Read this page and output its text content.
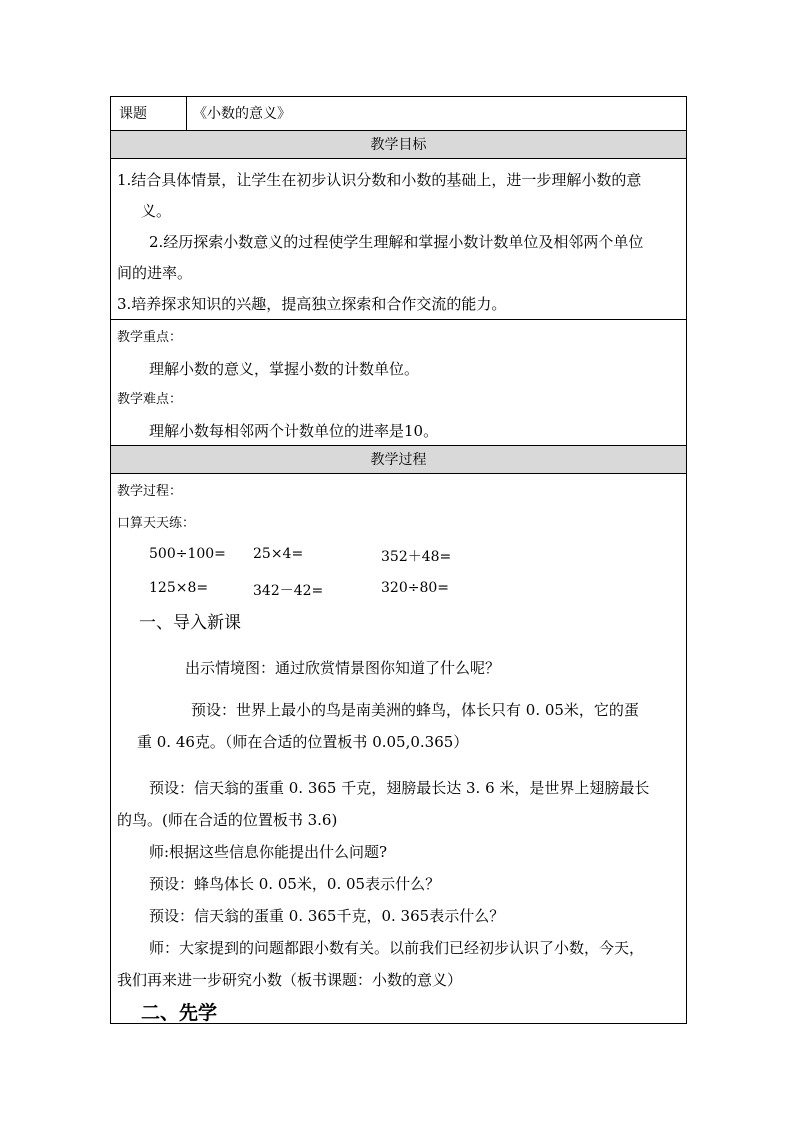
课题	《小数的意义》
教学目标

1.结合具体情景，让学生在初步认识分数和小数的基础上，进一步理解小数的意

义。

2.经历探索小数意义的过程使学生理解和掌握小数计数单位及相邻两个单位

间的进率。

3.培养探求知识的兴趣，提高独立探索和合作交流的能力。

教学重点：

理解小数的意义，掌握小数的计数单位。

教学难点：

理解小数每相邻两个计数单位的进率是10。

教学过程

教学过程：

口算天天练：

500÷100= 25×4=	352＋48=
125×8=	342－42=	320÷80=

一、导入新课

出示情境图：通过欣赏情景图你知道了什么呢？

预设：世界上最小的鸟是南美洲的蜂鸟，体长只有 0. 05米，它的蛋

重 0. 46克。（师在合适的位置板书 0.05,0.365）

预设：信天翁的蛋重 0. 365 千克，翅膀最长达 3. 6 米，是世界上翅膀最长

的鸟。(师在合适的位置板书 3.6)

师:根据这些信息你能提出什么问题?

预设：蜂鸟体长 0. 05米，0. 05表示什么？

预设：信天翁的蛋重 0. 365千克，0. 365表示什么？

师：大家提到的问题都跟小数有关。以前我们已经初步认识了小数，今天，

我们再来进一步研究小数（板书课题：小数的意义）

二、先学
